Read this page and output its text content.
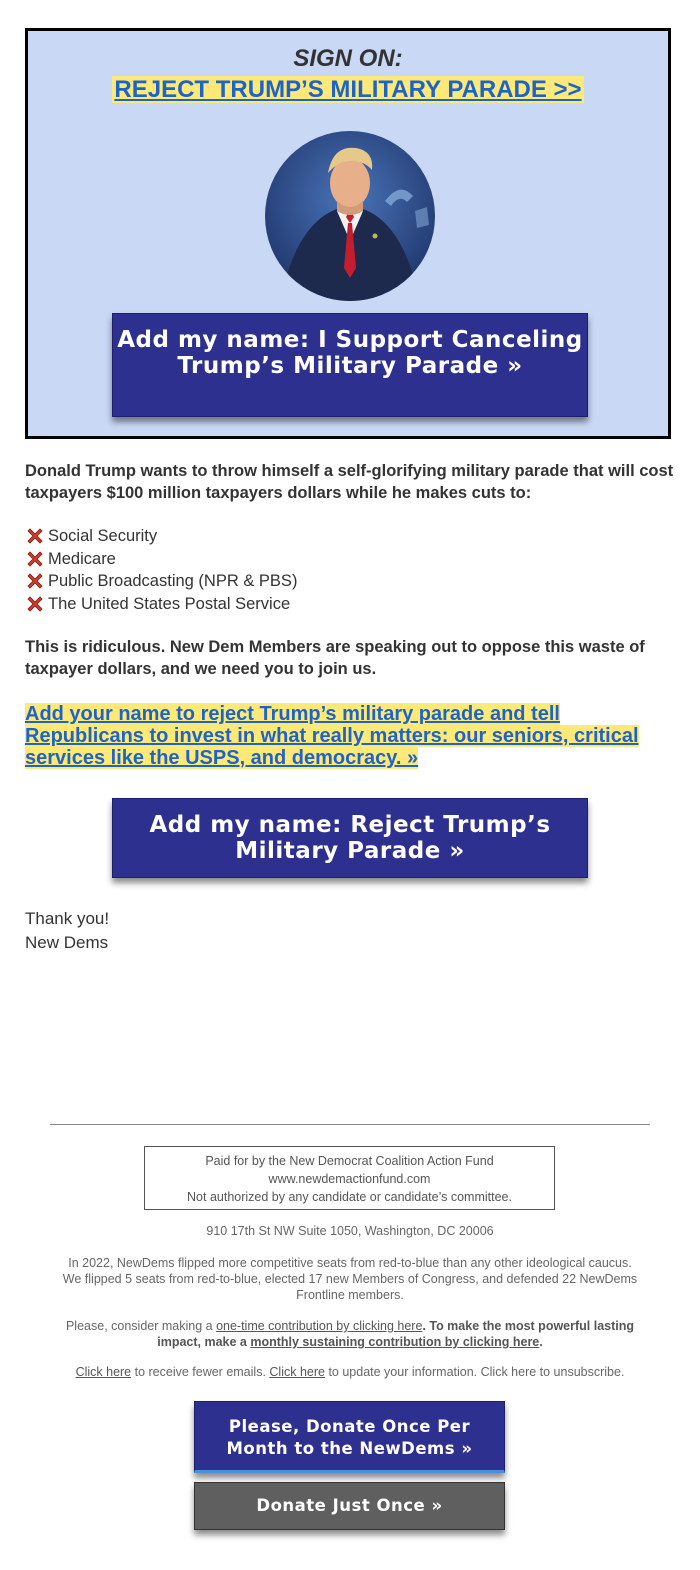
SIGN ON:
REJECT TRUMP’S MILITARY PARADE >>
Add my name: I Support Canceling Trump’s Military Parade »

Donald Trump wants to throw himself a self-glorifying military parade that will cost taxpayers $100 million taxpayers dollars while he makes cuts to:

Social Security
Medicare
Public Broadcasting (NPR & PBS)
The United States Postal Service

This is ridiculous. New Dem Members are speaking out to oppose this waste of taxpayer dollars, and we need you to join us.

Add your name to reject Trump’s military parade and tell Republicans to invest in what really matters: our seniors, critical services like the USPS, and democracy. »

Add my name: Reject Trump’s Military Parade »
Thank you!
New Dems
Paid for by the New Democrat Coalition Action Fund
www.newdemactionfund.com
Not authorized by any candidate or candidate’s committee.

910 17th St NW Suite 1050, Washington, DC 20006

In 2022, NewDems flipped more competitive seats from red-to-blue than any other ideological caucus. We flipped 5 seats from red-to-blue, elected 17 new Members of Congress, and defended 22 NewDems Frontline members.

Please, consider making a one-time contribution by clicking here. To make the most powerful lasting impact, make a monthly sustaining contribution by clicking here.

Click here to receive fewer emails. Click here to update your information. Click here to unsubscribe.

Please, Donate Once Per Month to the NewDems »
Donate Just Once »
